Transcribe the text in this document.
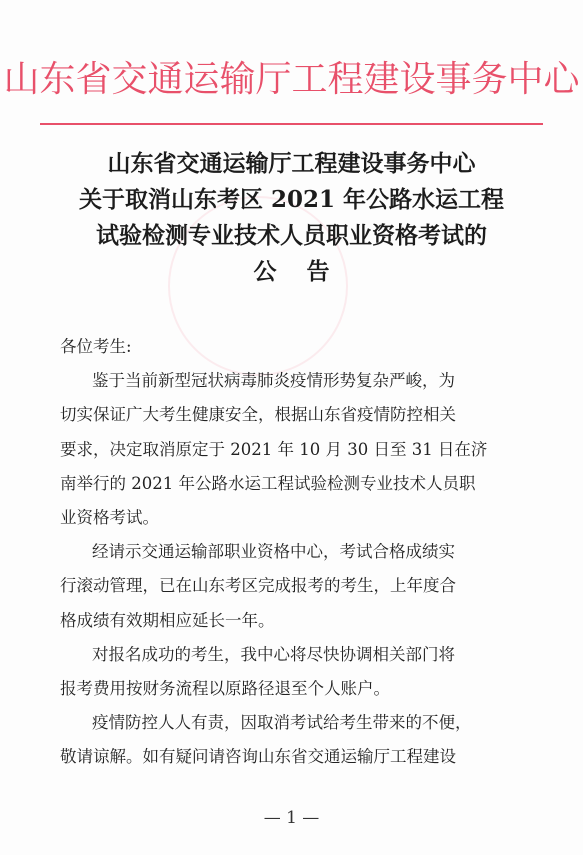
山东省交通运输厅工程建设事务中心
山东省交通运输厅工程建设事务中心
关于取消山东考区 2021 年公路水运工程
试验检测专业技术人员职业资格考试的
公告

各位考生:

鉴于当前新型冠状病毒肺炎疫情形势复杂严峻，为
切实保证广大考生健康安全，根据山东省疫情防控相关
要求，决定取消原定于 2021 年 10 月 30 日至 31 日在济
南举行的 2021 年公路水运工程试验检测专业技术人员职
业资格考试。

经请示交通运输部职业资格中心，考试合格成绩实
行滚动管理，已在山东考区完成报考的考生，上年度合
格成绩有效期相应延长一年。

对报名成功的考生，我中心将尽快协调相关部门将
报考费用按财务流程以原路径退至个人账户。

疫情防控人人有责，因取消考试给考生带来的不便，
敬请谅解。如有疑问请咨询山东省交通运输厅工程建设

— 1 —
